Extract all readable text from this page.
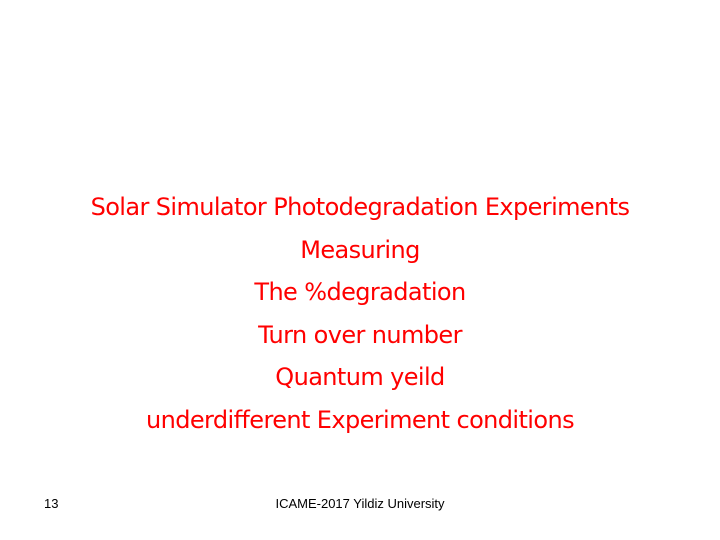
Solar Simulator Photodegradation Experiments
Measuring
The %degradation
Turn over number
Quantum yeild
underdifferent Experiment conditions
ICAME-2017 Yildiz University
13
